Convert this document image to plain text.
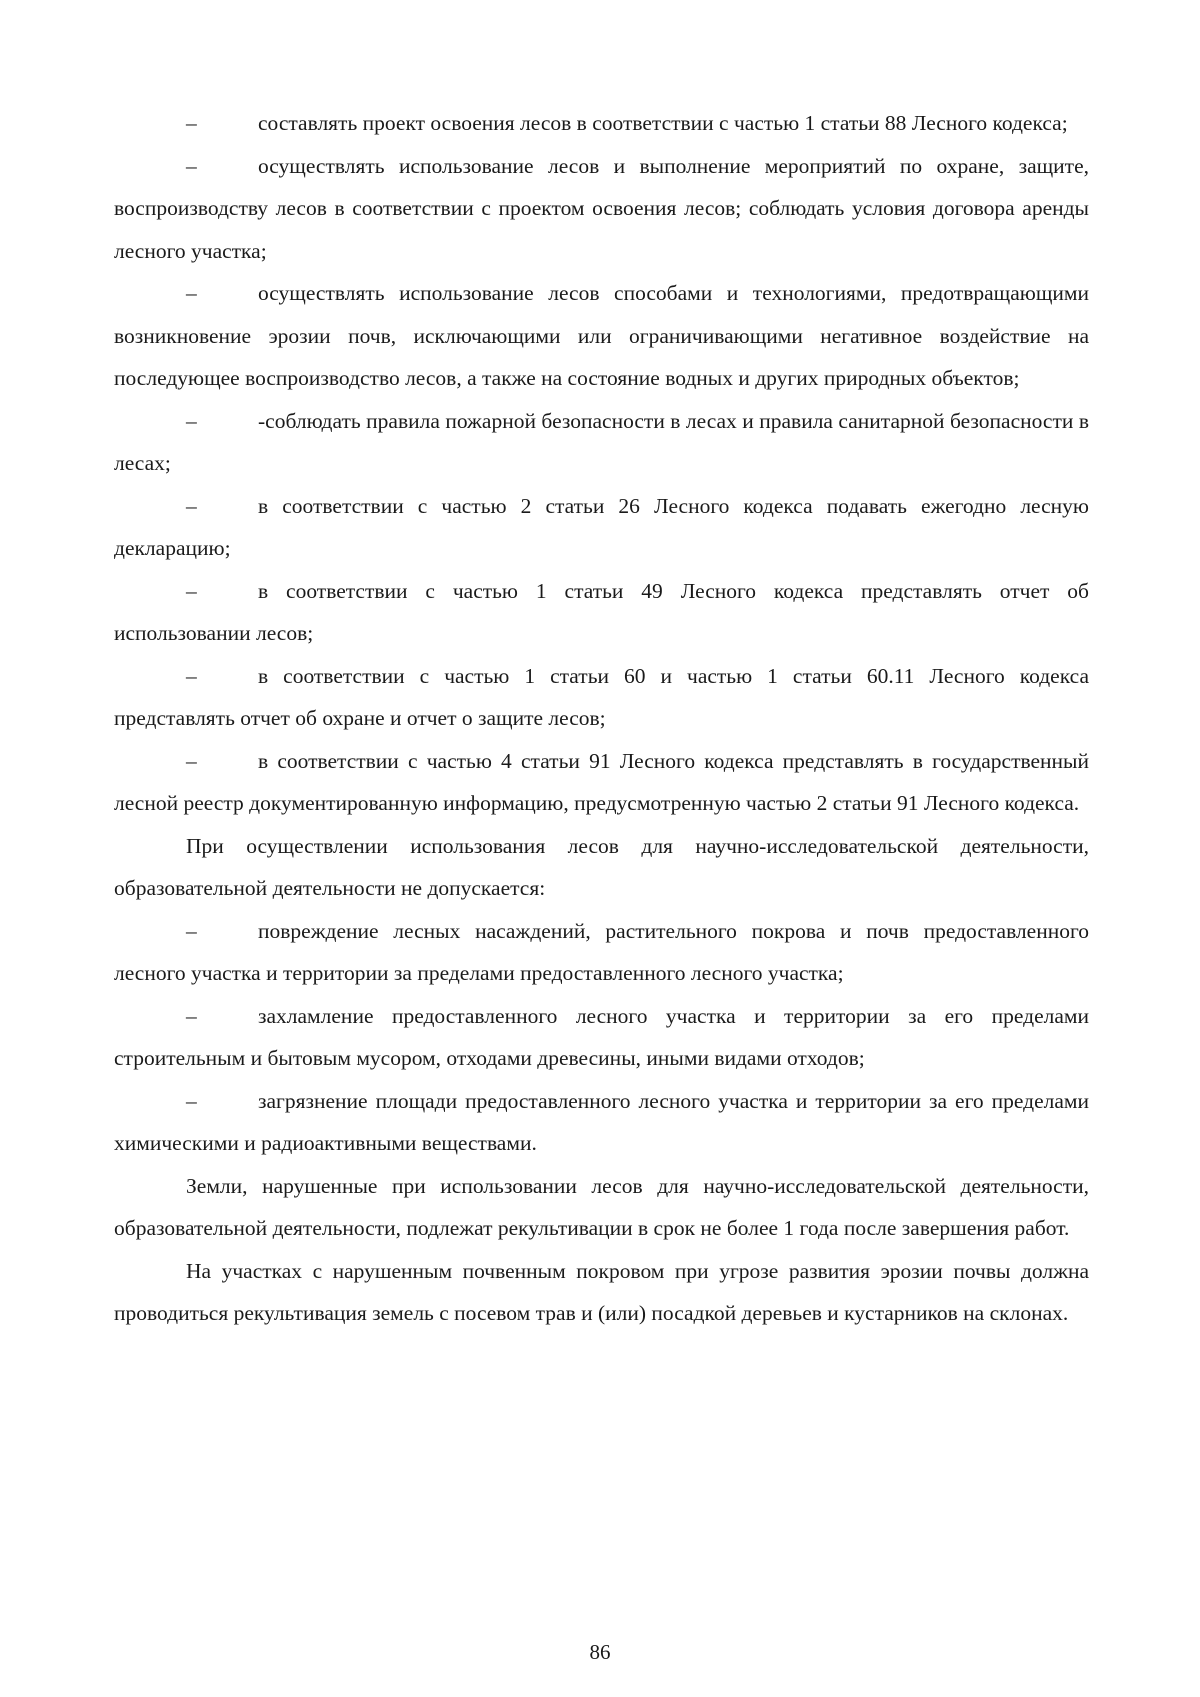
–	составлять проект освоения лесов в соответствии с частью 1 статьи 88 Лесного кодекса;

–	осуществлять использование лесов и выполнение мероприятий по охране, защите, воспроизводству лесов в соответствии с проектом освоения лесов; соблюдать условия договора аренды лесного участка;

–	осуществлять использование лесов способами и технологиями, предотвращающими возникновение эрозии почв, исключающими или ограничивающими негативное воздействие на последующее воспроизводство лесов, а также на состояние водных и других природных объектов;

–	-соблюдать правила пожарной безопасности в лесах и правила санитарной безопасности в лесах;

–	в соответствии с частью 2 статьи 26 Лесного кодекса подавать ежегодно лесную декларацию;

–	в соответствии с частью 1 статьи 49 Лесного кодекса представлять отчет об использовании лесов;

–	в соответствии с частью 1 статьи 60 и частью 1 статьи 60.11 Лесного кодекса представлять отчет об охране и отчет о защите лесов;

–	в соответствии с частью 4 статьи 91 Лесного кодекса представлять в государственный лесной реестр документированную информацию, предусмотренную частью 2 статьи 91 Лесного кодекса.

При осуществлении использования лесов для научно-исследовательской деятельности, образовательной деятельности не допускается:

–	повреждение лесных насаждений, растительного покрова и почв предоставленного лесного участка и территории за пределами предоставленного лесного участка;

–	захламление предоставленного лесного участка и территории за его пределами строительным и бытовым мусором, отходами древесины, иными видами отходов;

–	загрязнение площади предоставленного лесного участка и территории за его пределами химическими и радиоактивными веществами.

Земли, нарушенные при использовании лесов для научно-исследовательской деятельности, образовательной деятельности, подлежат рекультивации в срок не более 1 года после завершения работ.

На участках с нарушенным почвенным покровом при угрозе развития эрозии почвы должна проводиться рекультивация земель с посевом трав и (или) посадкой деревьев и кустарников на склонах.

86
